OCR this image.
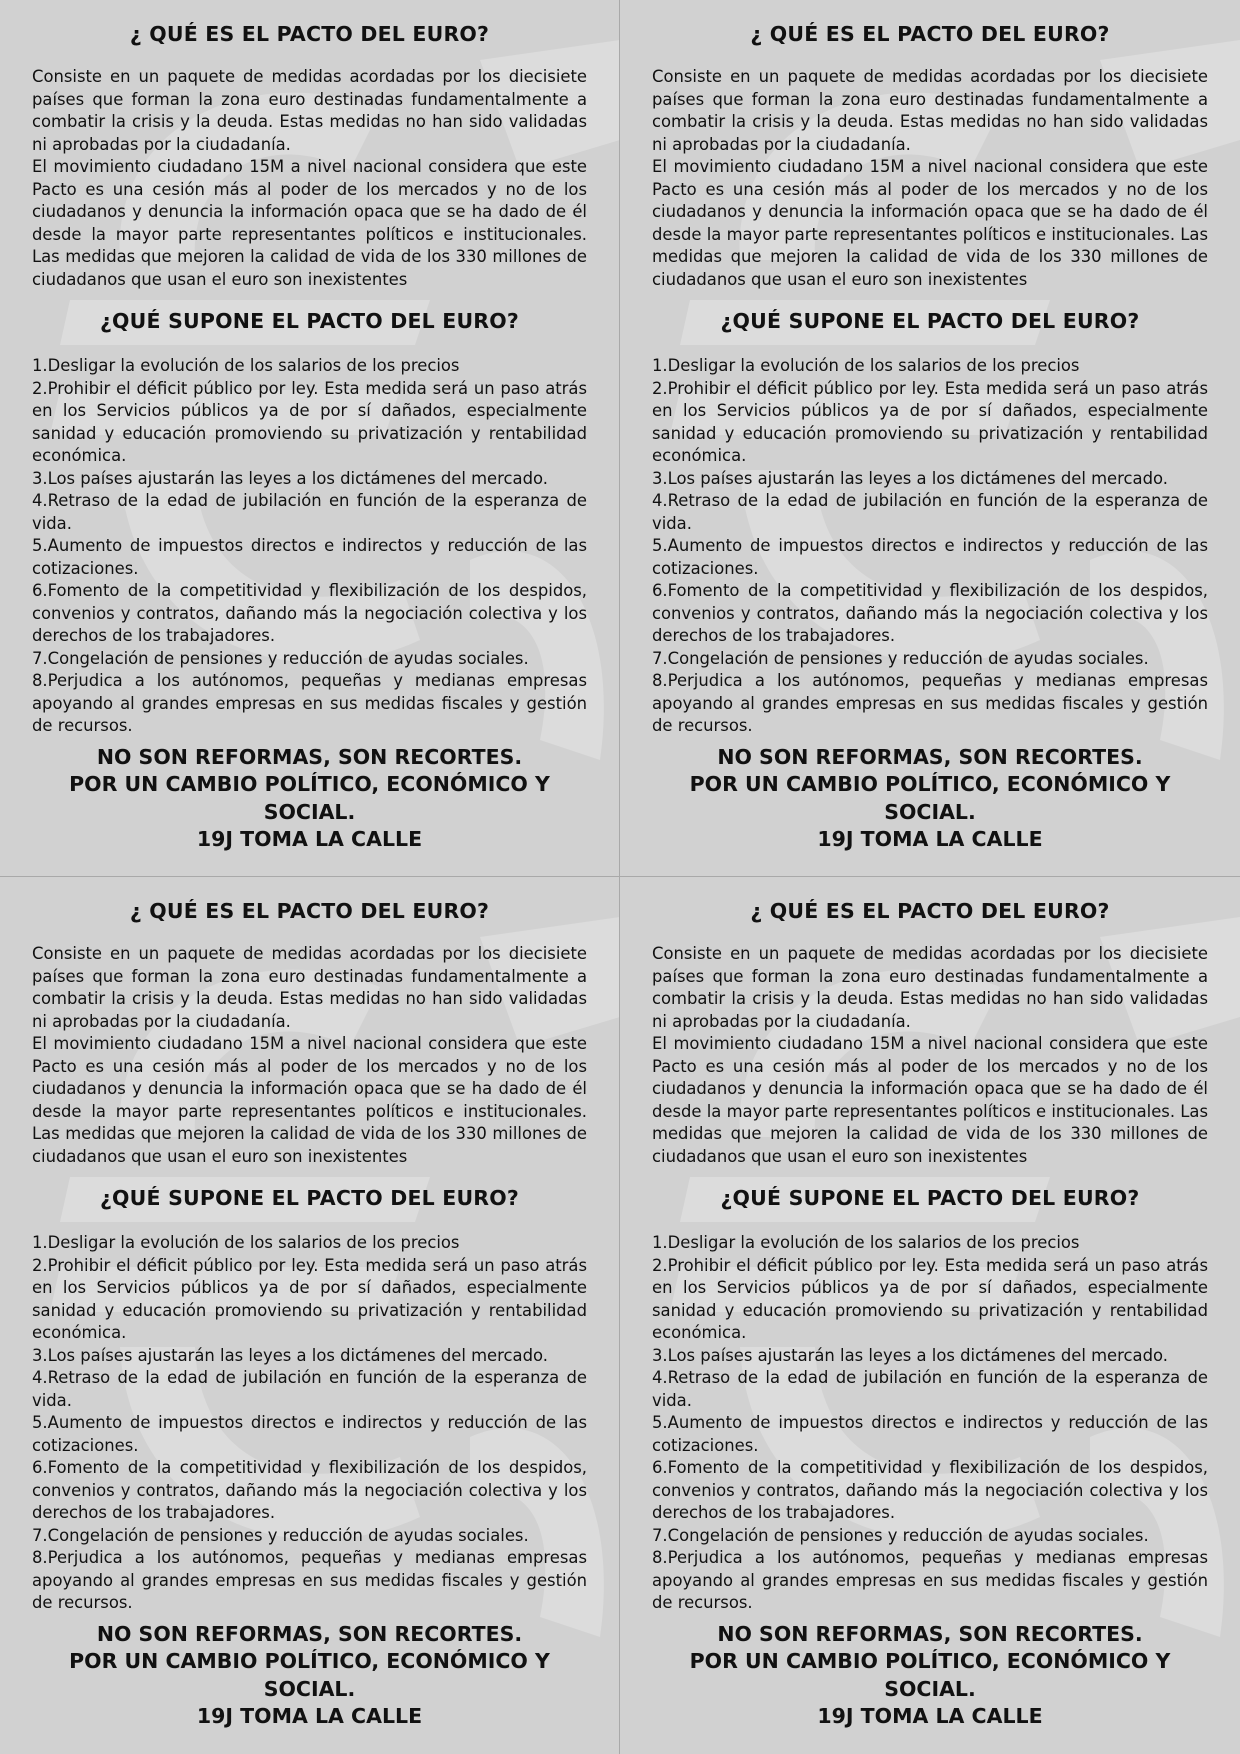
¿ QUÉ ES EL PACTO DEL EURO?

Consiste en un paquete de medidas acordadas por los diecisiete países que forman la zona euro destinadas fundamentalmente a combatir la crisis y la deuda. Estas medidas no han sido validadas ni aprobadas por la ciudadanía.

El movimiento ciudadano 15M a nivel nacional considera que este Pacto es una cesión más al poder de los mercados y no de los ciudadanos y denuncia la información opaca que se ha dado de él desde la mayor parte representantes políticos e institucionales. Las medidas que mejoren la calidad de vida de los 330 millones de ciudadanos que usan el euro son inexistentes

¿QUÉ SUPONE EL PACTO DEL EURO?
1.Desligar la evolución de los salarios de los precios
2.Prohibir el déficit público por ley. Esta medida será un paso atrás en los Servicios públicos ya de por sí dañados, especialmente sanidad y educación promoviendo su privatización y rentabilidad económica.
3.Los países ajustarán las leyes a los dictámenes del mercado.
4.Retraso de la edad de jubilación en función de la esperanza de vida.
5.Aumento de impuestos directos e indirectos y reducción de las cotizaciones.
6.Fomento de la competitividad y flexibilización de los despidos, convenios y contratos, dañando más la negociación colectiva y los derechos de los trabajadores.
7.Congelación de pensiones y reducción de ayudas sociales.
8.Perjudica a los autónomos, pequeñas y medianas empresas apoyando al grandes empresas en sus medidas fiscales y gestión de recursos.
NO SON REFORMAS, SON RECORTES.
POR UN CAMBIO POLÍTICO, ECONÓMICO Y SOCIAL.
19J TOMA LA CALLE
¿ QUÉ ES EL PACTO DEL EURO?

Consiste en un paquete de medidas acordadas por los diecisiete países que forman la zona euro destinadas fundamentalmente a combatir la crisis y la deuda. Estas medidas no han sido validadas ni aprobadas por la ciudadanía.

El movimiento ciudadano 15M a nivel nacional considera que este Pacto es una cesión más al poder de los mercados y no de los ciudadanos y denuncia la información opaca que se ha dado de él desde la mayor parte representantes políticos e institucionales. Las medidas que mejoren la calidad de vida de los 330 millones de ciudadanos que usan el euro son inexistentes

¿QUÉ SUPONE EL PACTO DEL EURO?
1.Desligar la evolución de los salarios de los precios
2.Prohibir el déficit público por ley. Esta medida será un paso atrás en los Servicios públicos ya de por sí dañados, especialmente sanidad y educación promoviendo su privatización y rentabilidad económica.
3.Los países ajustarán las leyes a los dictámenes del mercado.
4.Retraso de la edad de jubilación en función de la esperanza de vida.
5.Aumento de impuestos directos e indirectos y reducción de las cotizaciones.
6.Fomento de la competitividad y flexibilización de los despidos, convenios y contratos, dañando más la negociación colectiva y los derechos de los trabajadores.
7.Congelación de pensiones y reducción de ayudas sociales.
8.Perjudica a los autónomos, pequeñas y medianas empresas apoyando al grandes empresas en sus medidas fiscales y gestión de recursos.
NO SON REFORMAS, SON RECORTES.
POR UN CAMBIO POLÍTICO, ECONÓMICO Y SOCIAL.
19J TOMA LA CALLE
¿ QUÉ ES EL PACTO DEL EURO?

Consiste en un paquete de medidas acordadas por los diecisiete países que forman la zona euro destinadas fundamentalmente a combatir la crisis y la deuda. Estas medidas no han sido validadas ni aprobadas por la ciudadanía.

El movimiento ciudadano 15M a nivel nacional considera que este Pacto es una cesión más al poder de los mercados y no de los ciudadanos y denuncia la información opaca que se ha dado de él desde la mayor parte representantes políticos e institucionales. Las medidas que mejoren la calidad de vida de los 330 millones de ciudadanos que usan el euro son inexistentes

¿QUÉ SUPONE EL PACTO DEL EURO?
1.Desligar la evolución de los salarios de los precios
2.Prohibir el déficit público por ley. Esta medida será un paso atrás en los Servicios públicos ya de por sí dañados, especialmente sanidad y educación promoviendo su privatización y rentabilidad económica.
3.Los países ajustarán las leyes a los dictámenes del mercado.
4.Retraso de la edad de jubilación en función de la esperanza de vida.
5.Aumento de impuestos directos e indirectos y reducción de las cotizaciones.
6.Fomento de la competitividad y flexibilización de los despidos, convenios y contratos, dañando más la negociación colectiva y los derechos de los trabajadores.
7.Congelación de pensiones y reducción de ayudas sociales.
8.Perjudica a los autónomos, pequeñas y medianas empresas apoyando al grandes empresas en sus medidas fiscales y gestión de recursos.
NO SON REFORMAS, SON RECORTES.
POR UN CAMBIO POLÍTICO, ECONÓMICO Y SOCIAL.
19J TOMA LA CALLE
¿ QUÉ ES EL PACTO DEL EURO?

Consiste en un paquete de medidas acordadas por los diecisiete países que forman la zona euro destinadas fundamentalmente a combatir la crisis y la deuda. Estas medidas no han sido validadas ni aprobadas por la ciudadanía.

El movimiento ciudadano 15M a nivel nacional considera que este Pacto es una cesión más al poder de los mercados y no de los ciudadanos y denuncia la información opaca que se ha dado de él desde la mayor parte representantes políticos e institucionales. Las medidas que mejoren la calidad de vida de los 330 millones de ciudadanos que usan el euro son inexistentes

¿QUÉ SUPONE EL PACTO DEL EURO?
1.Desligar la evolución de los salarios de los precios
2.Prohibir el déficit público por ley. Esta medida será un paso atrás en los Servicios públicos ya de por sí dañados, especialmente sanidad y educación promoviendo su privatización y rentabilidad económica.
3.Los países ajustarán las leyes a los dictámenes del mercado.
4.Retraso de la edad de jubilación en función de la esperanza de vida.
5.Aumento de impuestos directos e indirectos y reducción de las cotizaciones.
6.Fomento de la competitividad y flexibilización de los despidos, convenios y contratos, dañando más la negociación colectiva y los derechos de los trabajadores.
7.Congelación de pensiones y reducción de ayudas sociales.
8.Perjudica a los autónomos, pequeñas y medianas empresas apoyando al grandes empresas en sus medidas fiscales y gestión de recursos.
NO SON REFORMAS, SON RECORTES.
POR UN CAMBIO POLÍTICO, ECONÓMICO Y SOCIAL.
19J TOMA LA CALLE
